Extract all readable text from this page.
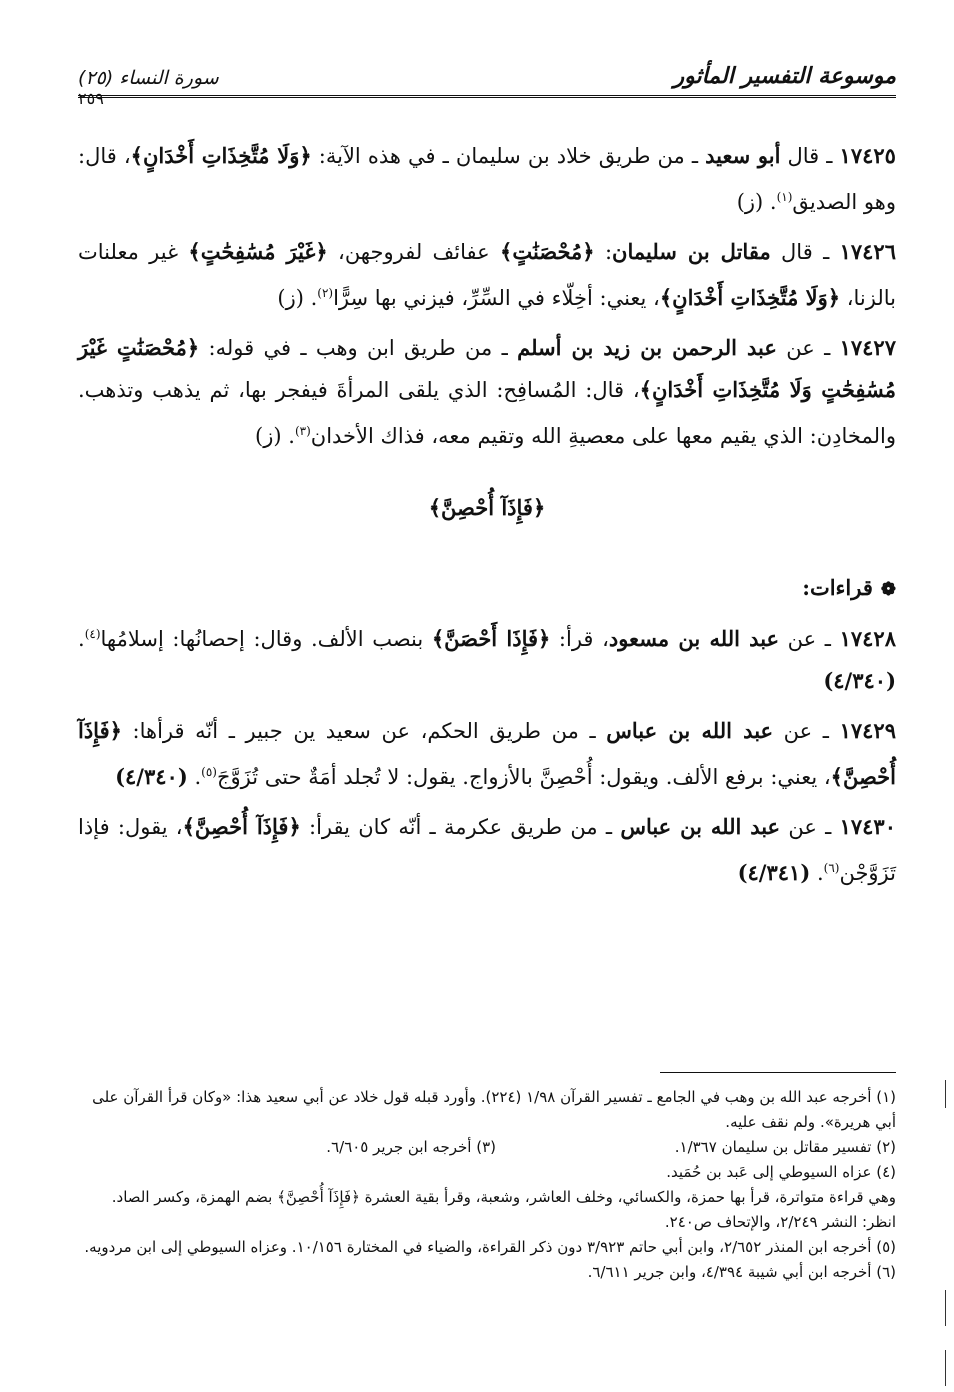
موسوعة التفسير المأثور
سورة النساء (٢٥)
٢٥٩

١٧٤٢٥ ـ قال أبو سعيد ـ من طريق خلاد بن سليمان ـ في هذه الآية: ﴿وَلَا مُتَّخِذَاتِ أَخْدَانٍ﴾، قال: وهو الصديق$^{(١)}$. (ز)

١٧٤٢٦ ـ قال مقاتل بن سليمان: ﴿مُحْصَنَٰتٍ﴾ عفائف لفروجهن، ﴿غَيْرَ مُسَٰفِحَٰتٍ﴾ غير معلنات بالزنا، ﴿وَلَا مُتَّخِذَاتِ أَخْدَانٍ﴾، يعني: أخِلّاء في السِّرِّ، فيزني بها سِرًّا$^{(٢)}$. (ز)

١٧٤٢٧ ـ عن عبد الرحمن بن زيد بن أسلم ـ من طريق ابن وهب ـ في قوله: ﴿مُحْصَنَٰتٍ غَيْرَ مُسَٰفِحَٰتٍ وَلَا مُتَّخِذَاتِ أَخْدَانٍ﴾، قال: المُسافِح: الذي يلقى المرأةَ فيفجر بها، ثم يذهب وتذهب. والمخادِن: الذي يقيم معها على معصيةِ الله وتقيم معه، فذاك الأخدان$^{(٣)}$. (ز)

﴿فَإِذَآ أُحْصِنَّ﴾
❁قراءات:

١٧٤٢٨ ـ عن عبد الله بن مسعود، قرأ: ﴿فَإِذَا أَحْصَنَّ﴾ بنصب الألف. وقال: إحصانُها: إسلامُها$^{(٤)}$. (٤/٣٤٠)

١٧٤٢٩ ـ عن عبد الله بن عباس ـ من طريق الحكم، عن سعيد ين جبير ـ أنّه قرأها: ﴿فَإِذَآ أُحْصِنَّ﴾، يعني: برفع الألف. ويقول: أُحْصِنَّ بالأزواج. يقول: لا تُجلد أمَةٌ حتى تُزَوَّجَ$^{(٥)}$. (٤/٣٤٠)

١٧٤٣٠ ـ عن عبد الله بن عباس ـ من طريق عكرمة ـ أنّه كان يقرأ: ﴿فَإِذَآ أُحْصِنَّ﴾، يقول: فإذا تَزَوَّجْن$^{(٦)}$. (٤/٣٤١)

(١) أخرجه عبد الله بن وهب في الجامع ـ تفسير القرآن ١/٩٨ (٢٢٤). وأورد قبله قول خلاد عن أبي سعيد هذا: «وكان قرأ القرآن على أبي هريرة». ولم نقف عليه.

(٢) تفسير مقاتل بن سليمان ١/٣٦٧.
(٣) أخرجه ابن جرير ٦/٦٠٥.

(٤) عزاه السيوطي إلى عَبد بن حُمَيد.

وهي قراءة متواترة، قرأ بها حمزة، والكسائي، وخلف العاشر، وشعبة، وقرأ بقية العشرة ﴿فَإِذَآ أُحْصِنَّ﴾ بضم الهمزة، وكسر الصاد. انظر: النشر ٢/٢٤٩، والإتحاف ص٢٤٠.

(٥) أخرجه ابن المنذر ٢/٦٥٢، وابن أبي حاتم ٣/٩٢٣ دون ذكر القراءة، والضياء في المختارة ١٠/١٥٦. وعزاه السيوطي إلى ابن مردويه.

(٦) أخرجه ابن أبي شيبة ٤/٣٩٤، وابن جرير ٦/٦١١.
